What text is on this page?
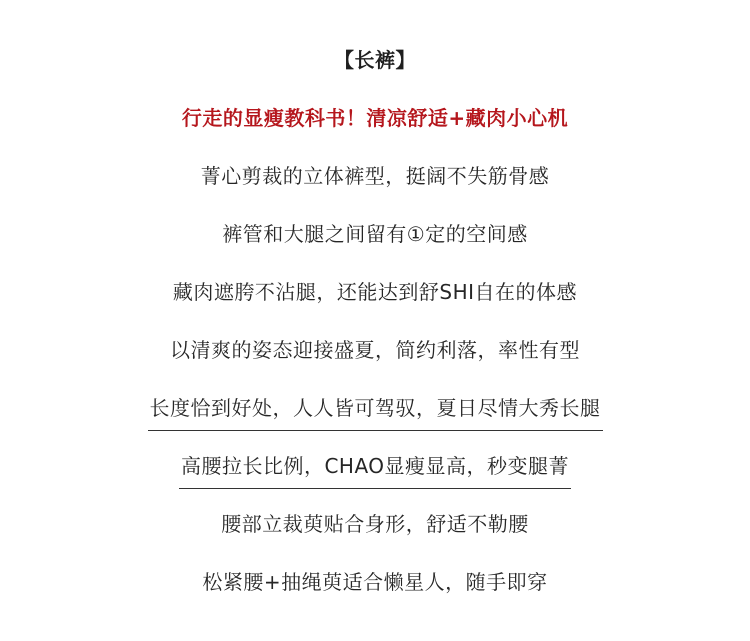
【长裤】
行走的显瘦教科书！清凉舒适+藏肉小心机
菁心剪裁的立体裤型，挺阔不失筋骨感
裤管和大腿之间留有①定的空间感
藏肉遮胯不沾腿，还能达到舒SHI自在的体感
以清爽的姿态迎接盛夏，简约利落，率性有型
长度恰到好处，人人皆可驾驭，夏日尽情大秀长腿
高腰拉长比例，CHAO显瘦显高，秒变腿菁
腰部立裁萸贴合身形，舒适不勒腰
松紧腰+抽绳萸适合懒星人，随手即穿
